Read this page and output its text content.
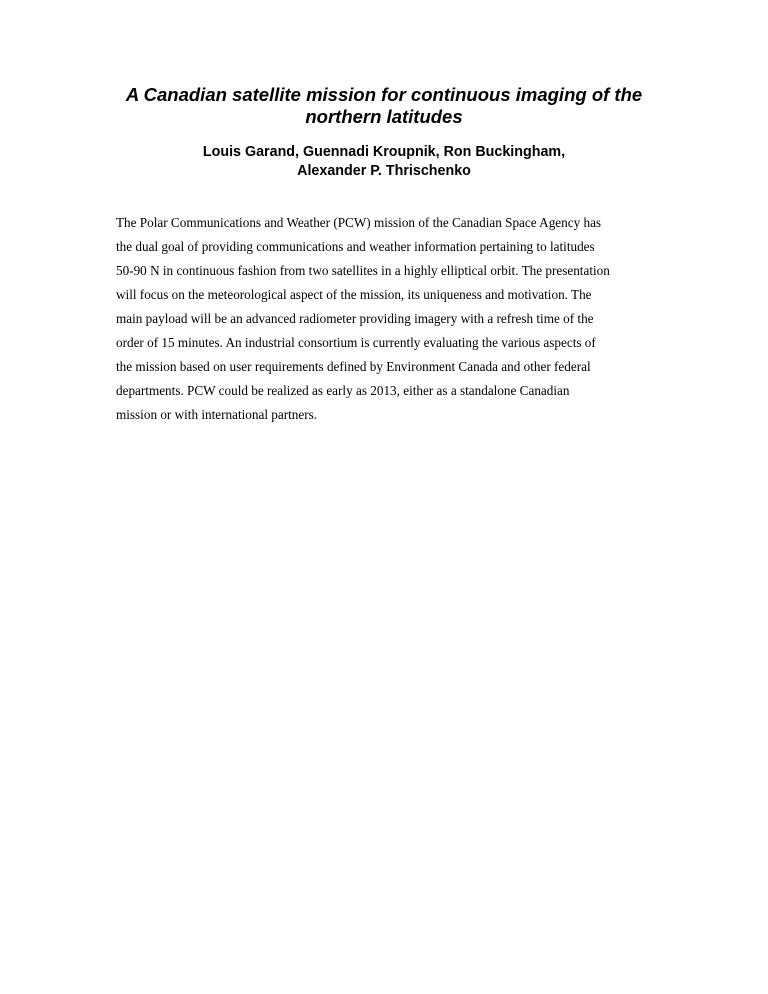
A Canadian satellite mission for continuous imaging of the
northern latitudes
Louis Garand, Guennadi Kroupnik, Ron Buckingham,
Alexander P. Thrischenko
The Polar Communications and Weather (PCW) mission of the Canadian Space Agency has
the dual goal of providing communications and weather information pertaining to latitudes
50-90 N in continuous fashion from two satellites in a highly elliptical orbit. The presentation
will focus on the meteorological aspect of the mission, its uniqueness and motivation. The
main payload will be an advanced radiometer providing imagery with a refresh time of the
order of 15 minutes. An industrial consortium is currently evaluating the various aspects of
the mission based on user requirements defined by Environment Canada and other federal
departments. PCW could be realized as early as 2013, either as a standalone Canadian
mission or with international partners.
